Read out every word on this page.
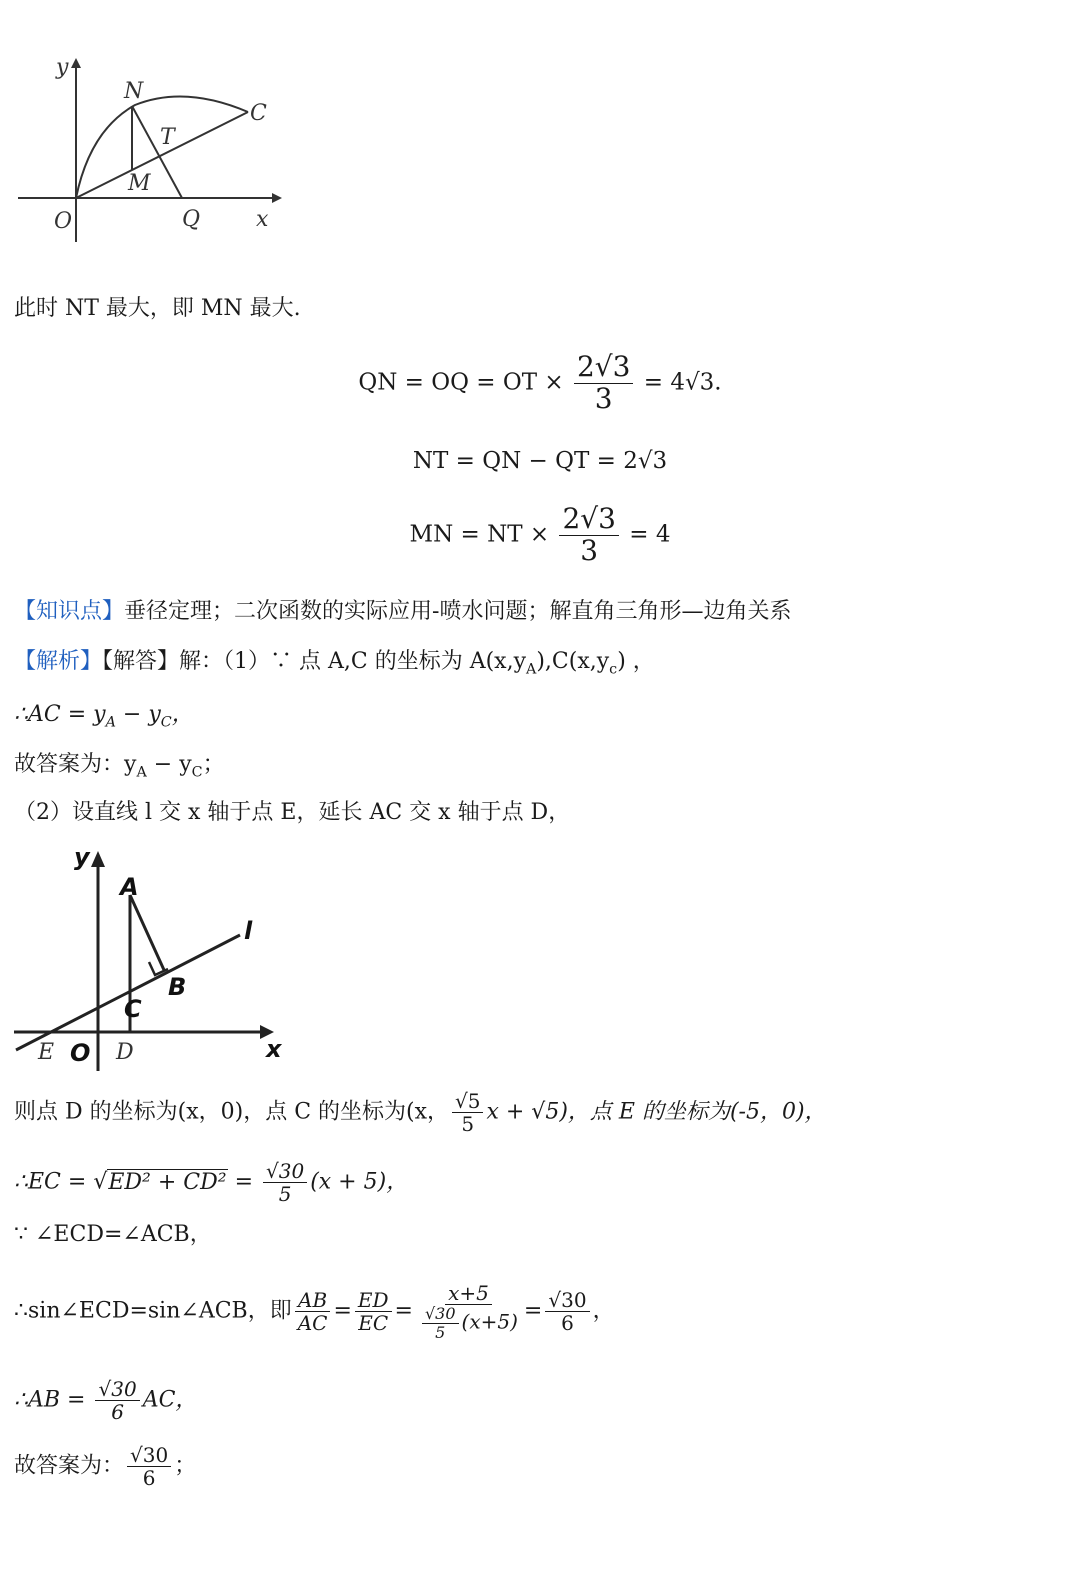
y
N
C
T
M
O	Q	x
此时 NT 最大，即 MN 最大.
QN = OQ = OT × $\frac{2√3}{3} = 4√3$.
NT = QN − QT = 2√3
MN = NT × $\frac{2√3}{3} = 4$
【知识点】垂径定理；二次函数的实际应用-喷水问题；解直角三角形—边角关系
【解析】【解答】解：（1）∵ 点 A,C 的坐标为 $A(x,y_A),C(x,y_c)$ ，
∴AC = $y_A - y_C$，
故答案为：$y_A - y_C$；
（2）设直线 l 交 x 轴于点 E，延长 AC 交 x 轴于点 D，
y
A
l
B
C
E O D	x
则点 D 的坐标为(x，0)，点 C 的坐标为(x， $\frac{√5}{5}$ x + √5)，点 E 的坐标为(-5，0)，
∴EC = $√ED^2 + CD^2 = \frac{√30}{5} (x + 5)$，
∵ ∠ECD=∠ACB，
∴sin∠ECD=sin∠ACB，即 $\frac{AB}{AC} = \frac{ED}{EC} = \frac{x+5}{\frac{√30}{5} (x+5)} = \frac{√30}{6}$ ，
∴AB = $\frac{√30}{6}$ AC，
故答案为： $\frac{√30}{6}$ ；
